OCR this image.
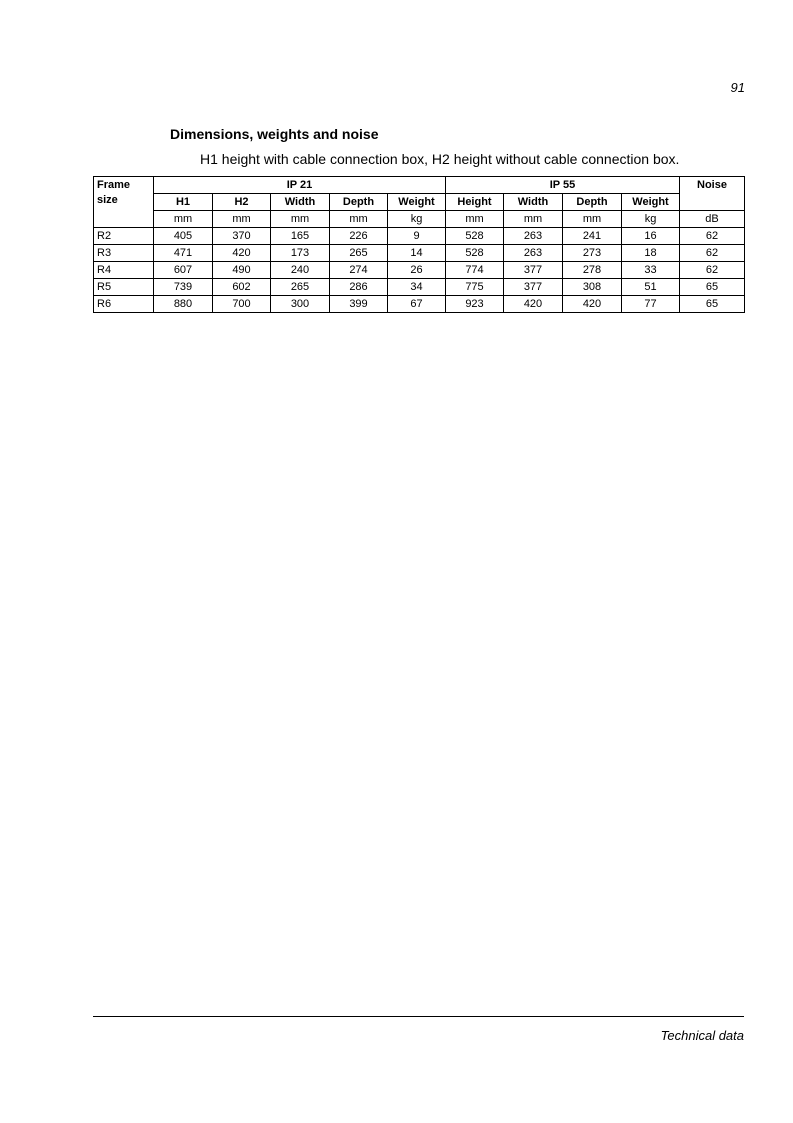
91
Dimensions, weights and noise
H1 height with cable connection box, H2 height without cable connection box.
Frame size	IP 21					IP 55				Noise
	H1	H2	Width	Depth	Weight	Height	Width	Depth	Weight	
	mm	mm	mm	mm	kg	mm	mm	mm	kg	dB
R2	405	370	165	226	9	528	263	241	16	62
R3	471	420	173	265	14	528	263	273	18	62
R4	607	490	240	274	26	774	377	278	33	62
R5	739	602	265	286	34	775	377	308	51	65
R6	880	700	300	399	67	923	420	420	77	65
Technical data
